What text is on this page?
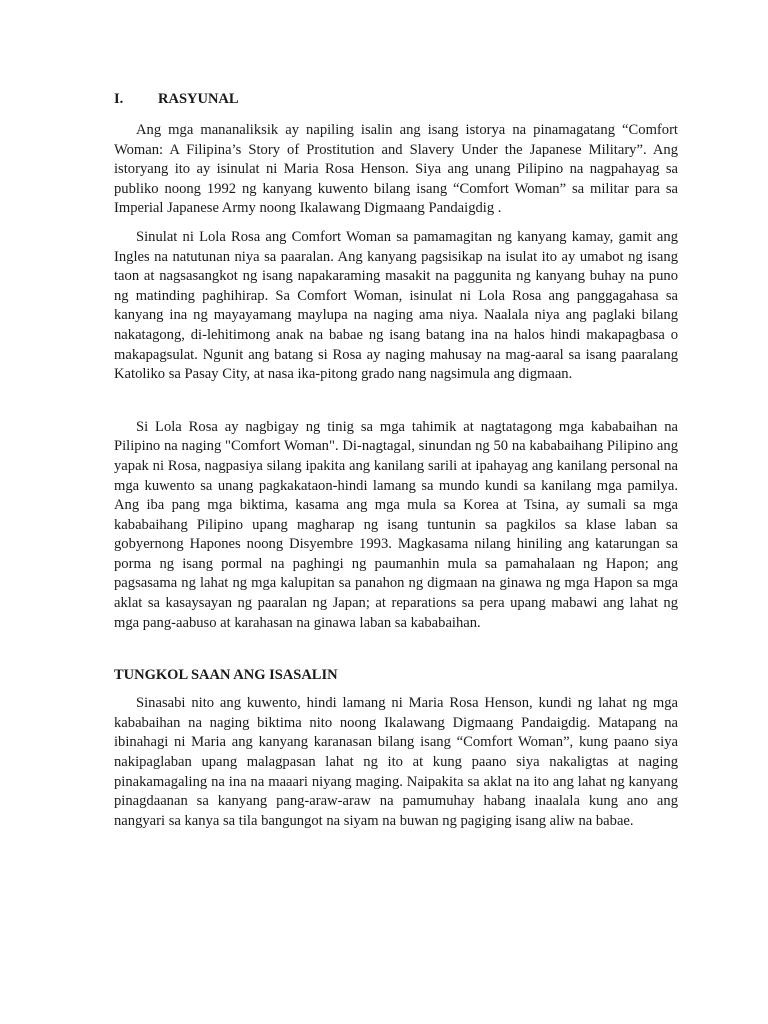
I.	RASYUNAL

Ang mga mananaliksik ay napiling isalin ang isang istorya na pinamagatang “Comfort Woman: A Filipina’s Story of Prostitution and Slavery Under the Japanese Military”. Ang istoryang ito ay isinulat ni Maria Rosa Henson. Siya ang unang Pilipino na nagpahayag sa publiko noong 1992 ng kanyang kuwento bilang isang “Comfort Woman” sa militar para sa Imperial Japanese Army noong Ikalawang Digmaang Pandaigdig .

Sinulat ni Lola Rosa ang Comfort Woman sa pamamagitan ng kanyang kamay, gamit ang Ingles na natutunan niya sa paaralan. Ang kanyang pagsisikap na isulat ito ay umabot ng isang taon at nagsasangkot ng isang napakaraming masakit na paggunita ng kanyang buhay na puno ng matinding paghihirap. Sa Comfort Woman, isinulat ni Lola Rosa ang panggagahasa sa kanyang ina ng mayayamang maylupa na naging ama niya. Naalala niya ang paglaki bilang nakatagong, di-lehitimong anak na babae ng isang batang ina na halos hindi makapagbasa o makapagsulat. Ngunit ang batang si Rosa ay naging mahusay na mag-aaral sa isang paaralang Katoliko sa Pasay City, at nasa ika-pitong grado nang nagsimula ang digmaan.

Si Lola Rosa ay nagbigay ng tinig sa mga tahimik at nagtatagong mga kababaihan na Pilipino na naging "Comfort Woman". Di-nagtagal, sinundan ng 50 na kababaihang Pilipino ang yapak ni Rosa, nagpasiya silang ipakita ang kanilang sarili at ipahayag ang kanilang personal na mga kuwento sa unang pagkakataon-hindi lamang sa mundo kundi sa kanilang mga pamilya. Ang iba pang mga biktima, kasama ang mga mula sa Korea at Tsina, ay sumali sa mga kababaihang Pilipino upang magharap ng isang tuntunin sa pagkilos sa klase laban sa gobyernong Hapones noong Disyembre 1993. Magkasama nilang hiniling ang katarungan sa porma ng isang pormal na paghingi ng paumanhin mula sa pamahalaan ng Hapon; ang pagsasama ng lahat ng mga kalupitan sa panahon ng digmaan na ginawa ng mga Hapon sa mga aklat sa kasaysayan ng paaralan ng Japan; at reparations sa pera upang mabawi ang lahat ng mga pang-aabuso at karahasan na ginawa laban sa kababaihan.

TUNGKOL SAAN ANG ISASALIN

Sinasabi nito ang kuwento, hindi lamang ni Maria Rosa Henson, kundi ng lahat ng mga kababaihan na naging biktima nito noong Ikalawang Digmaang Pandaigdig. Matapang na ibinahagi ni Maria ang kanyang karanasan bilang isang “Comfort Woman”, kung paano siya nakipaglaban upang malagpasan lahat ng ito at kung paano siya nakaligtas at naging pinakamagaling na ina na maaari niyang maging. Naipakita sa aklat na ito ang lahat ng kanyang pinagdaanan sa kanyang pang-araw-araw na pamumuhay habang inaalala kung ano ang nangyari sa kanya sa tila bangungot na siyam na buwan ng pagiging isang aliw na babae.
